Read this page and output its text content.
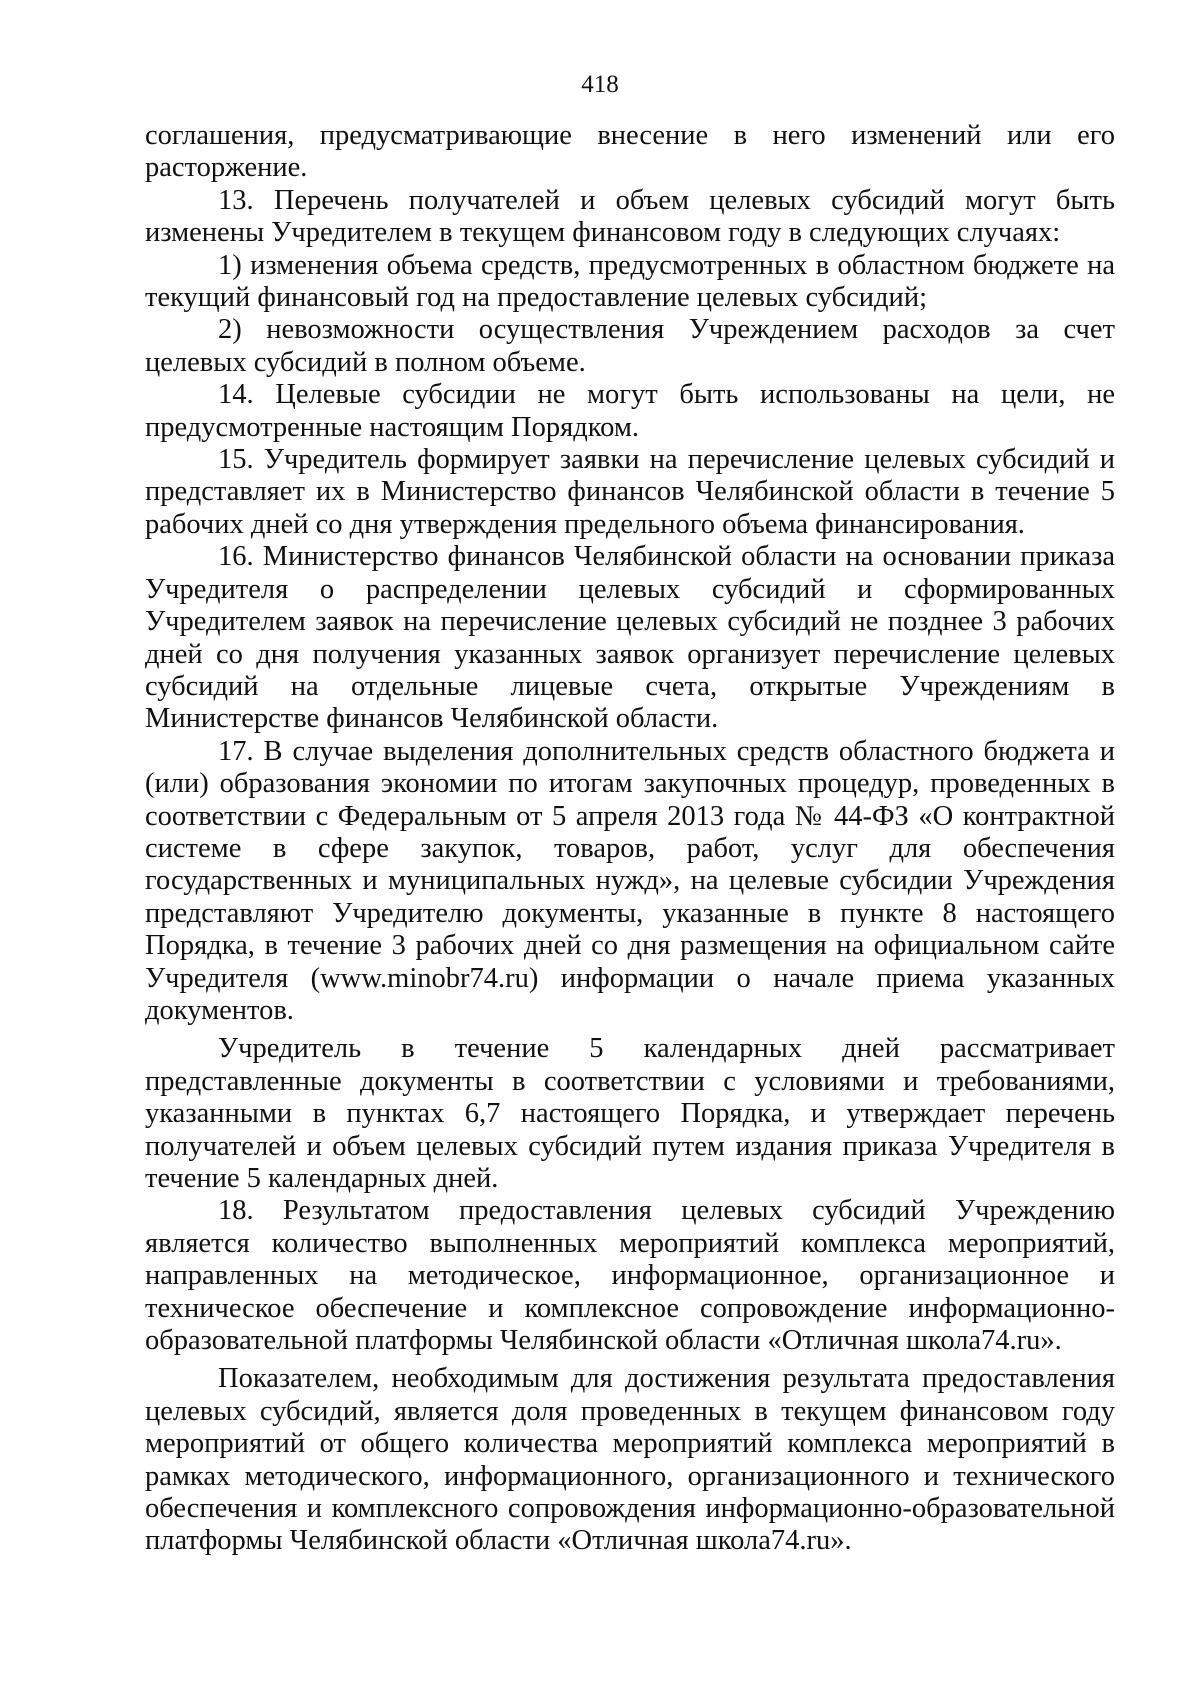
418

соглашения, предусматривающие внесение в него изменений или его расторжение.

13. Перечень получателей и объем целевых субсидий могут быть изменены Учредителем в текущем финансовом году в следующих случаях:

1) изменения объема средств, предусмотренных в областном бюджете на текущий финансовый год на предоставление целевых субсидий;

2) невозможности осуществления Учреждением расходов за счет целевых субсидий в полном объеме.

14. Целевые субсидии не могут быть использованы на цели, не предусмотренные настоящим Порядком.

15. Учредитель формирует заявки на перечисление целевых субсидий и представляет их в Министерство финансов Челябинской области в течение 5 рабочих дней со дня утверждения предельного объема финансирования.

16. Министерство финансов Челябинской области на основании приказа Учредителя о распределении целевых субсидий и сформированных Учредителем заявок на перечисление целевых субсидий не позднее 3 рабочих дней со дня получения указанных заявок организует перечисление целевых субсидий на отдельные лицевые счета, открытые Учреждениям в Министерстве финансов Челябинской области.

17. В случае выделения дополнительных средств областного бюджета и (или) образования экономии по итогам закупочных процедур, проведенных в соответствии с Федеральным от 5 апреля 2013 года № 44-ФЗ «О контрактной системе в сфере закупок, товаров, работ, услуг для обеспечения государственных и муниципальных нужд», на целевые субсидии Учреждения представляют Учредителю документы, указанные в пункте 8 настоящего Порядка, в течение 3 рабочих дней со дня размещения на официальном сайте Учредителя (www.minobr74.ru) информации о начале приема указанных документов.

Учредитель в течение 5 календарных дней рассматривает представленные документы в соответствии с условиями и требованиями, указанными в пунктах 6,7 настоящего Порядка, и утверждает перечень получателей и объем целевых субсидий путем издания приказа Учредителя в течение 5 календарных дней.

18. Результатом предоставления целевых субсидий Учреждению является количество выполненных мероприятий комплекса мероприятий, направленных на методическое, информационное, организационное и техническое обеспечение и комплексное сопровождение информационно-образовательной платформы Челябинской области «Отличная школа74.ru».

Показателем, необходимым для достижения результата предоставления целевых субсидий, является доля проведенных в текущем финансовом году мероприятий от общего количества мероприятий комплекса мероприятий в рамках методического, информационного, организационного и технического обеспечения и комплексного сопровождения информационно-образовательной платформы Челябинской области «Отличная школа74.ru».
